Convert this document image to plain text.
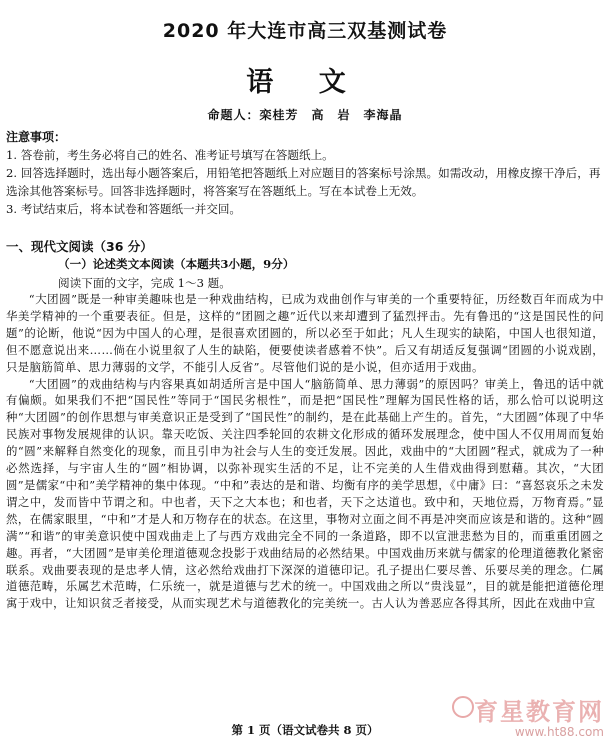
2020 年大连市高三双基测试卷
语 文
命题人：栾桂芳　高　岩　李海晶

注意事项：

1. 答卷前，考生务必将自己的姓名、准考证号填写在答题纸上。

2. 回答选择题时，选出每小题答案后，用铅笔把答题纸上对应题目的答案标号涂黑。如需改动，用橡皮擦干净后，再选涂其他答案标号。回答非选择题时，将答案写在答题纸上。写在本试卷上无效。

3. 考试结束后，将本试卷和答题纸一并交回。

一、现代文阅读（36 分）
（一）论述类文本阅读（本题共3小题，9分）
阅读下面的文字，完成 1～3 题。

“大团圆”既是一种审美趣味也是一种戏曲结构，已成为戏曲创作与审美的一个重要特征，历经数百年而成为中华美学精神的一个重要表征。但是，这样的“团圆之趣”近代以来却遭到了猛烈抨击。先有鲁迅的“这是国民性的问题”的论断，他说“因为中国人的心理，是很喜欢团圆的，所以必至于如此；凡人生现实的缺陷，中国人也很知道，但不愿意说出来……倘在小说里叙了人生的缺陷，便要使读者感着不快”。后又有胡适反复强调“团圆的小说戏剧，只是脑筋简单、思力薄弱的文学，不能引人反省”。尽管他们说的是小说，但亦适用于戏曲。

“大团圆”的戏曲结构与内容果真如胡适所言是中国人“脑筋简单、思力薄弱”的原因吗？审美上，鲁迅的话中就有偏颇。如果我们不把“国民性”等同于“国民劣根性”，而是把“国民性”理解为国民性格的话，那么恰可以说明这种“大团圆”的创作思想与审美意识正是受到了“国民性”的制约，是在此基础上产生的。首先，“大团圆”体现了中华民族对事物发展规律的认识。靠天吃饭、关注四季轮回的农耕文化形成的循环发展理念，使中国人不仅用周而复始的“圆”来解释自然变化的现象，而且引申为社会与人生的变迁发展。因此，戏曲中的“大团圆”程式，就成为了一种必然选择，与宇宙人生的“圆”相协调，以弥补现实生活的不足，让不完美的人生借戏曲得到慰藉。其次，“大团圆”是儒家“中和”美学精神的集中体现。“中和”表达的是和谐、均衡有序的美学思想，《中庸》曰：“喜怒哀乐之未发谓之中，发而皆中节谓之和。中也者，天下之大本也；和也者，天下之达道也。致中和，天地位焉，万物育焉。”显然，在儒家眼里，“中和”才是人和万物存在的状态。在这里，事物对立面之间不再是冲突而应该是和谐的。这种“圆满”“和谐”的审美意识使中国戏曲走上了与西方戏曲完全不同的一条道路，即不以宣泄悲愁为目的，而重重团圆之趣。再者，“大团圆”是审美伦理道德观念投影于戏曲结局的必然结果。中国戏曲历来就与儒家的伦理道德教化紧密联系。戏曲要表现的是忠孝人情，这必然给戏曲打下深深的道德印记。孔子提出仁要尽善、乐要尽美的理念。仁属道德范畴，乐属艺术范畴，仁乐统一，就是道德与艺术的统一。中国戏曲之所以“贵浅显”，目的就是能把道德伦理寓于戏中，让知识贫乏者接受，从而实现艺术与道德教化的完美统一。古人认为善恶应各得其所，因此在戏曲中宣

第 1 页（语文试卷共 8 页）
育星教育网
www.ht88.com
